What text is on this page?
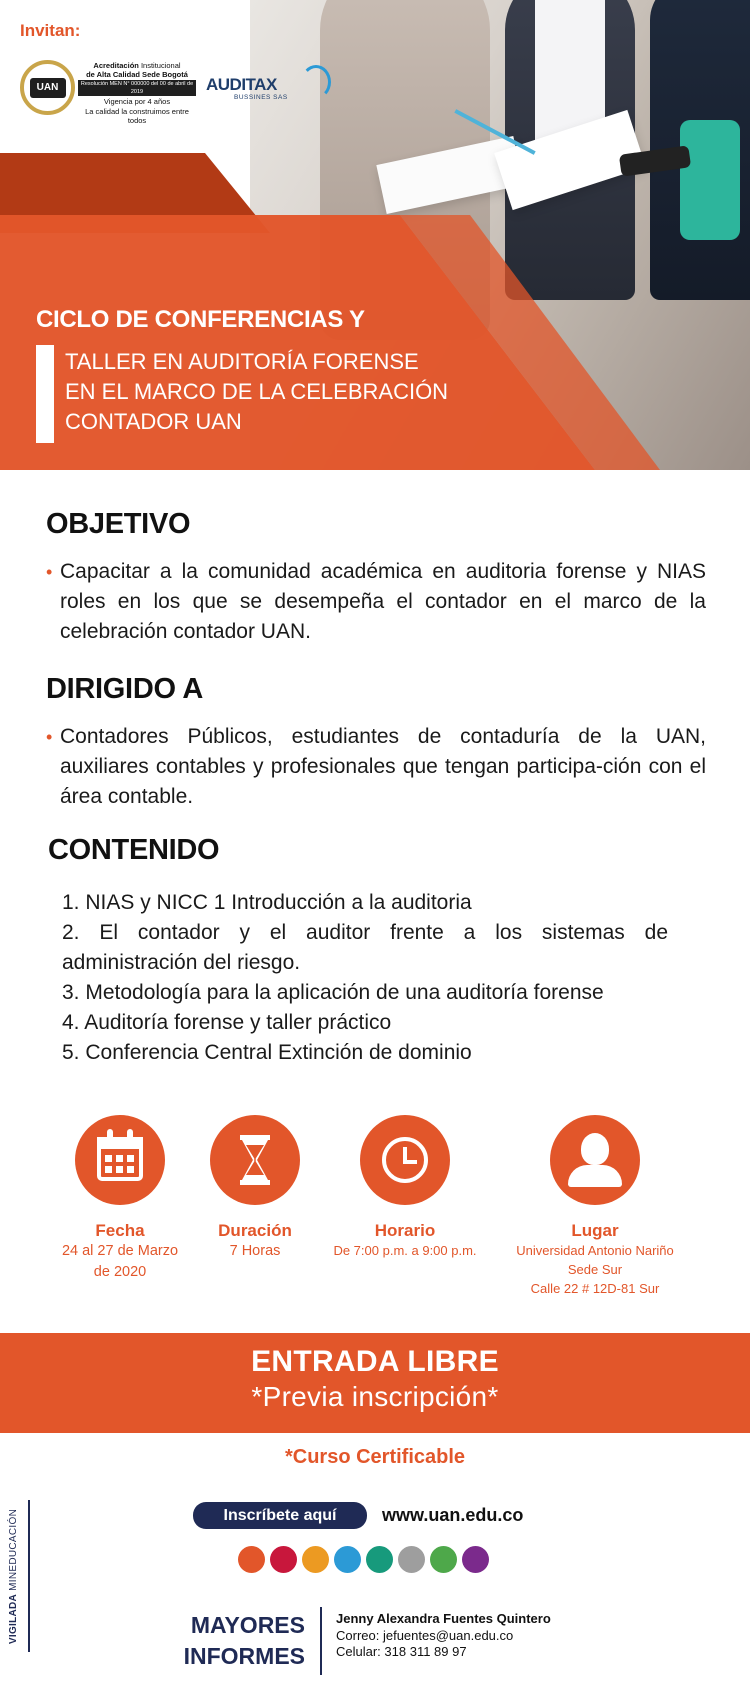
Invitan:
UAN
Acreditación Institucional
de Alta Calidad Sede Bogotá
Resolución MEN N° 000000 del 00 de abril de 2019
Vigencia por 4 años
La calidad la construimos entre todos
AUDITAX
BUSSINES SAS
CICLO DE CONFERENCIAS Y
TALLER EN AUDITORÍA FORENSE
EN EL MARCO DE LA CELEBRACIÓN
CONTADOR UAN
OBJETIVO
• Capacitar a la comunidad académica en auditoria forense y NIAS roles en los que se desempeña el contador en el marco de la celebración contador UAN.
DIRIGIDO A
• Contadores Públicos, estudiantes de contaduría de la UAN, auxiliares contables y profesionales que tengan participa-ción con el área contable.
CONTENIDO
1. NIAS y NICC 1 Introducción a la auditoria
2. El contador y el auditor frente a los sistemas de administración del riesgo.
3. Metodología para la aplicación de una auditoría forense
4. Auditoría forense y taller práctico
5. Conferencia Central Extinción de dominio
Fecha
24 al 27 de Marzo
de 2020
Duración
7 Horas
Horario
De 7:00 p.m. a 9:00 p.m.
Lugar
Universidad Antonio Nariño
Sede Sur
Calle 22 # 12D-81 Sur
ENTRADA LIBRE
*Previa inscripción*
*Curso Certificable
VIGILADA MINEDUCACIÓN	Inscríbete aquí	www.uan.edu.co
MAYORES
INFORMES
Jenny Alexandra Fuentes Quintero
Correo: jefuentes@uan.edu.co
Celular: 318 311 89 97
